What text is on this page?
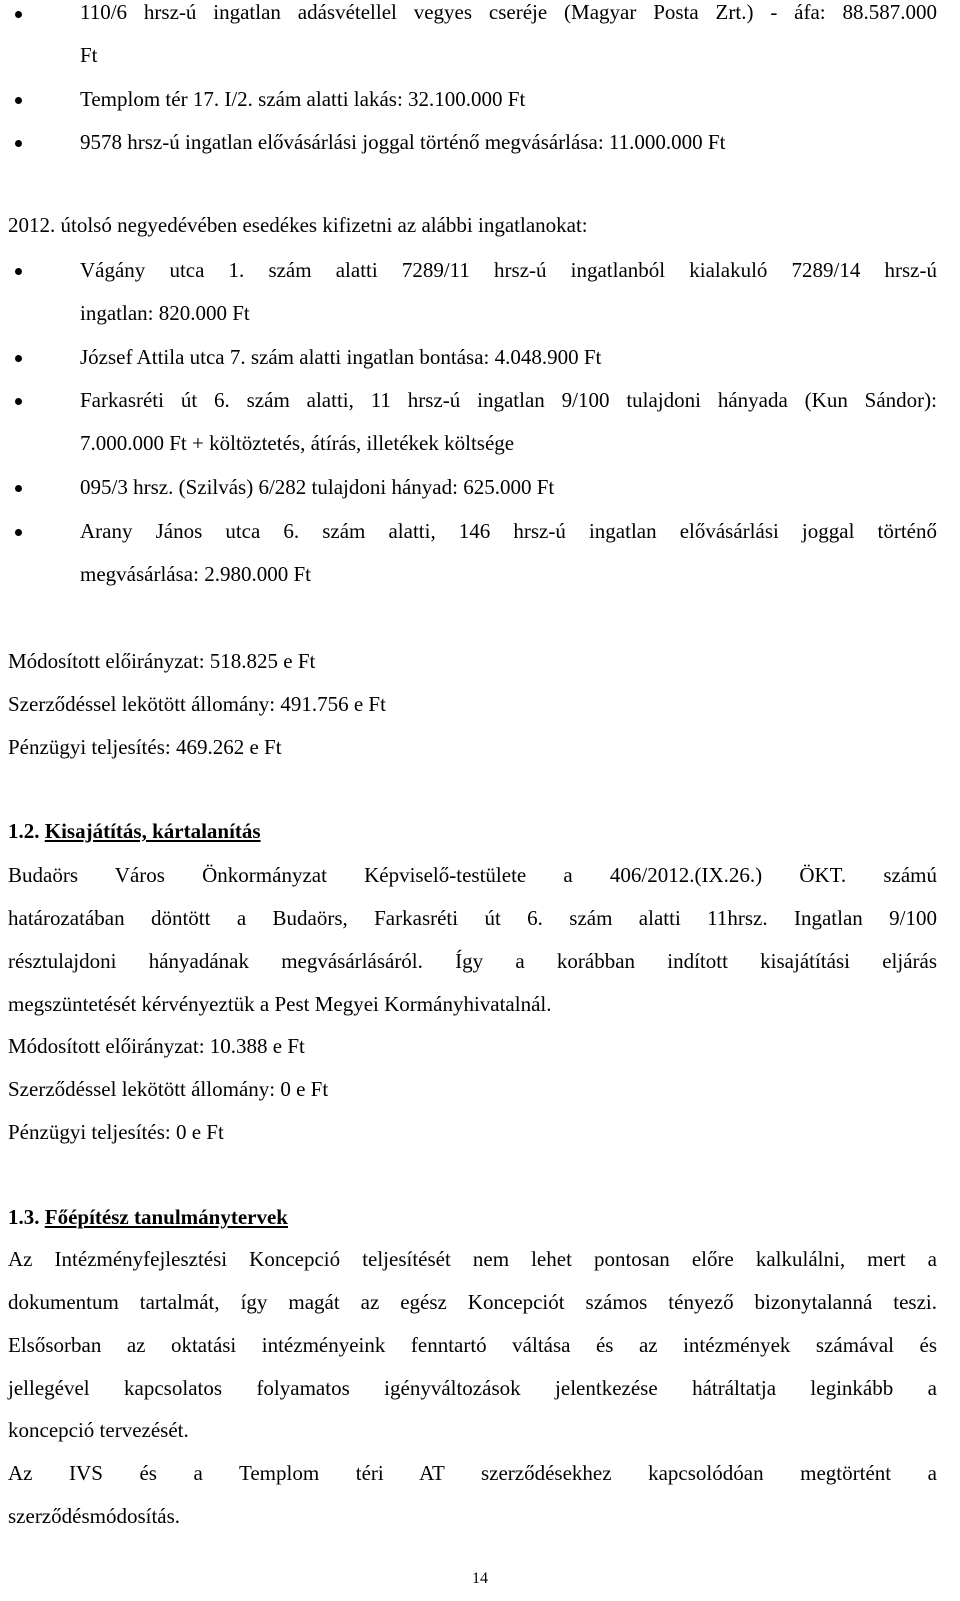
110/6 hrsz-ú ingatlan adásvétellel vegyes cseréje (Magyar Posta Zrt.) - áfa: 88.587.000
Ft
Templom tér 17. I/2. szám alatti lakás: 32.100.000 Ft
9578 hrsz-ú ingatlan elővásárlási joggal történő megvásárlása: 11.000.000 Ft
2012. útolsó negyedévében esedékes kifizetni az alábbi ingatlanokat:
Vágány utca 1. szám alatti 7289/11 hrsz-ú ingatlanból kialakuló 7289/14 hrsz-ú
ingatlan: 820.000 Ft
József Attila utca 7. szám alatti ingatlan bontása: 4.048.900 Ft
Farkasréti út 6. szám alatti, 11 hrsz-ú ingatlan 9/100 tulajdoni hányada (Kun Sándor):
7.000.000 Ft + költöztetés, átírás, illetékek költsége
095/3 hrsz. (Szilvás) 6/282 tulajdoni hányad: 625.000 Ft
Arany János utca 6. szám alatti, 146 hrsz-ú ingatlan elővásárlási joggal történő
megvásárlása: 2.980.000 Ft
Módosított előirányzat: 518.825 e Ft
Szerződéssel lekötött állomány: 491.756 e Ft
Pénzügyi teljesítés: 469.262 e Ft
1.2. Kisajátítás, kártalanítás
Budaörs Város Önkormányzat Képviselő-testülete a 406/2012.(IX.26.) ÖKT. számú
határozatában döntött a Budaörs, Farkasréti út 6. szám alatti 11hrsz. Ingatlan 9/100
résztulajdoni hányadának megvásárlásáról. Így a korábban indított kisajátítási eljárás
megszüntetését kérvényeztük a Pest Megyei Kormányhivatalnál.
Módosított előirányzat: 10.388 e Ft
Szerződéssel lekötött állomány: 0 e Ft
Pénzügyi teljesítés: 0 e Ft
1.3. Főépítész tanulmánytervek
Az Intézményfejlesztési Koncepció teljesítését nem lehet pontosan előre kalkulálni, mert a
dokumentum tartalmát, így magát az egész Koncepciót számos tényező bizonytalanná teszi.
Elsősorban az oktatási intézményeink fenntartó váltása és az intézmények számával és
jellegével kapcsolatos folyamatos igényváltozások jelentkezése hátráltatja leginkább a
koncepció tervezését.
Az IVS és a Templom téri AT szerződésekhez kapcsolódóan megtörtént a
szerződésmódosítás.
14
